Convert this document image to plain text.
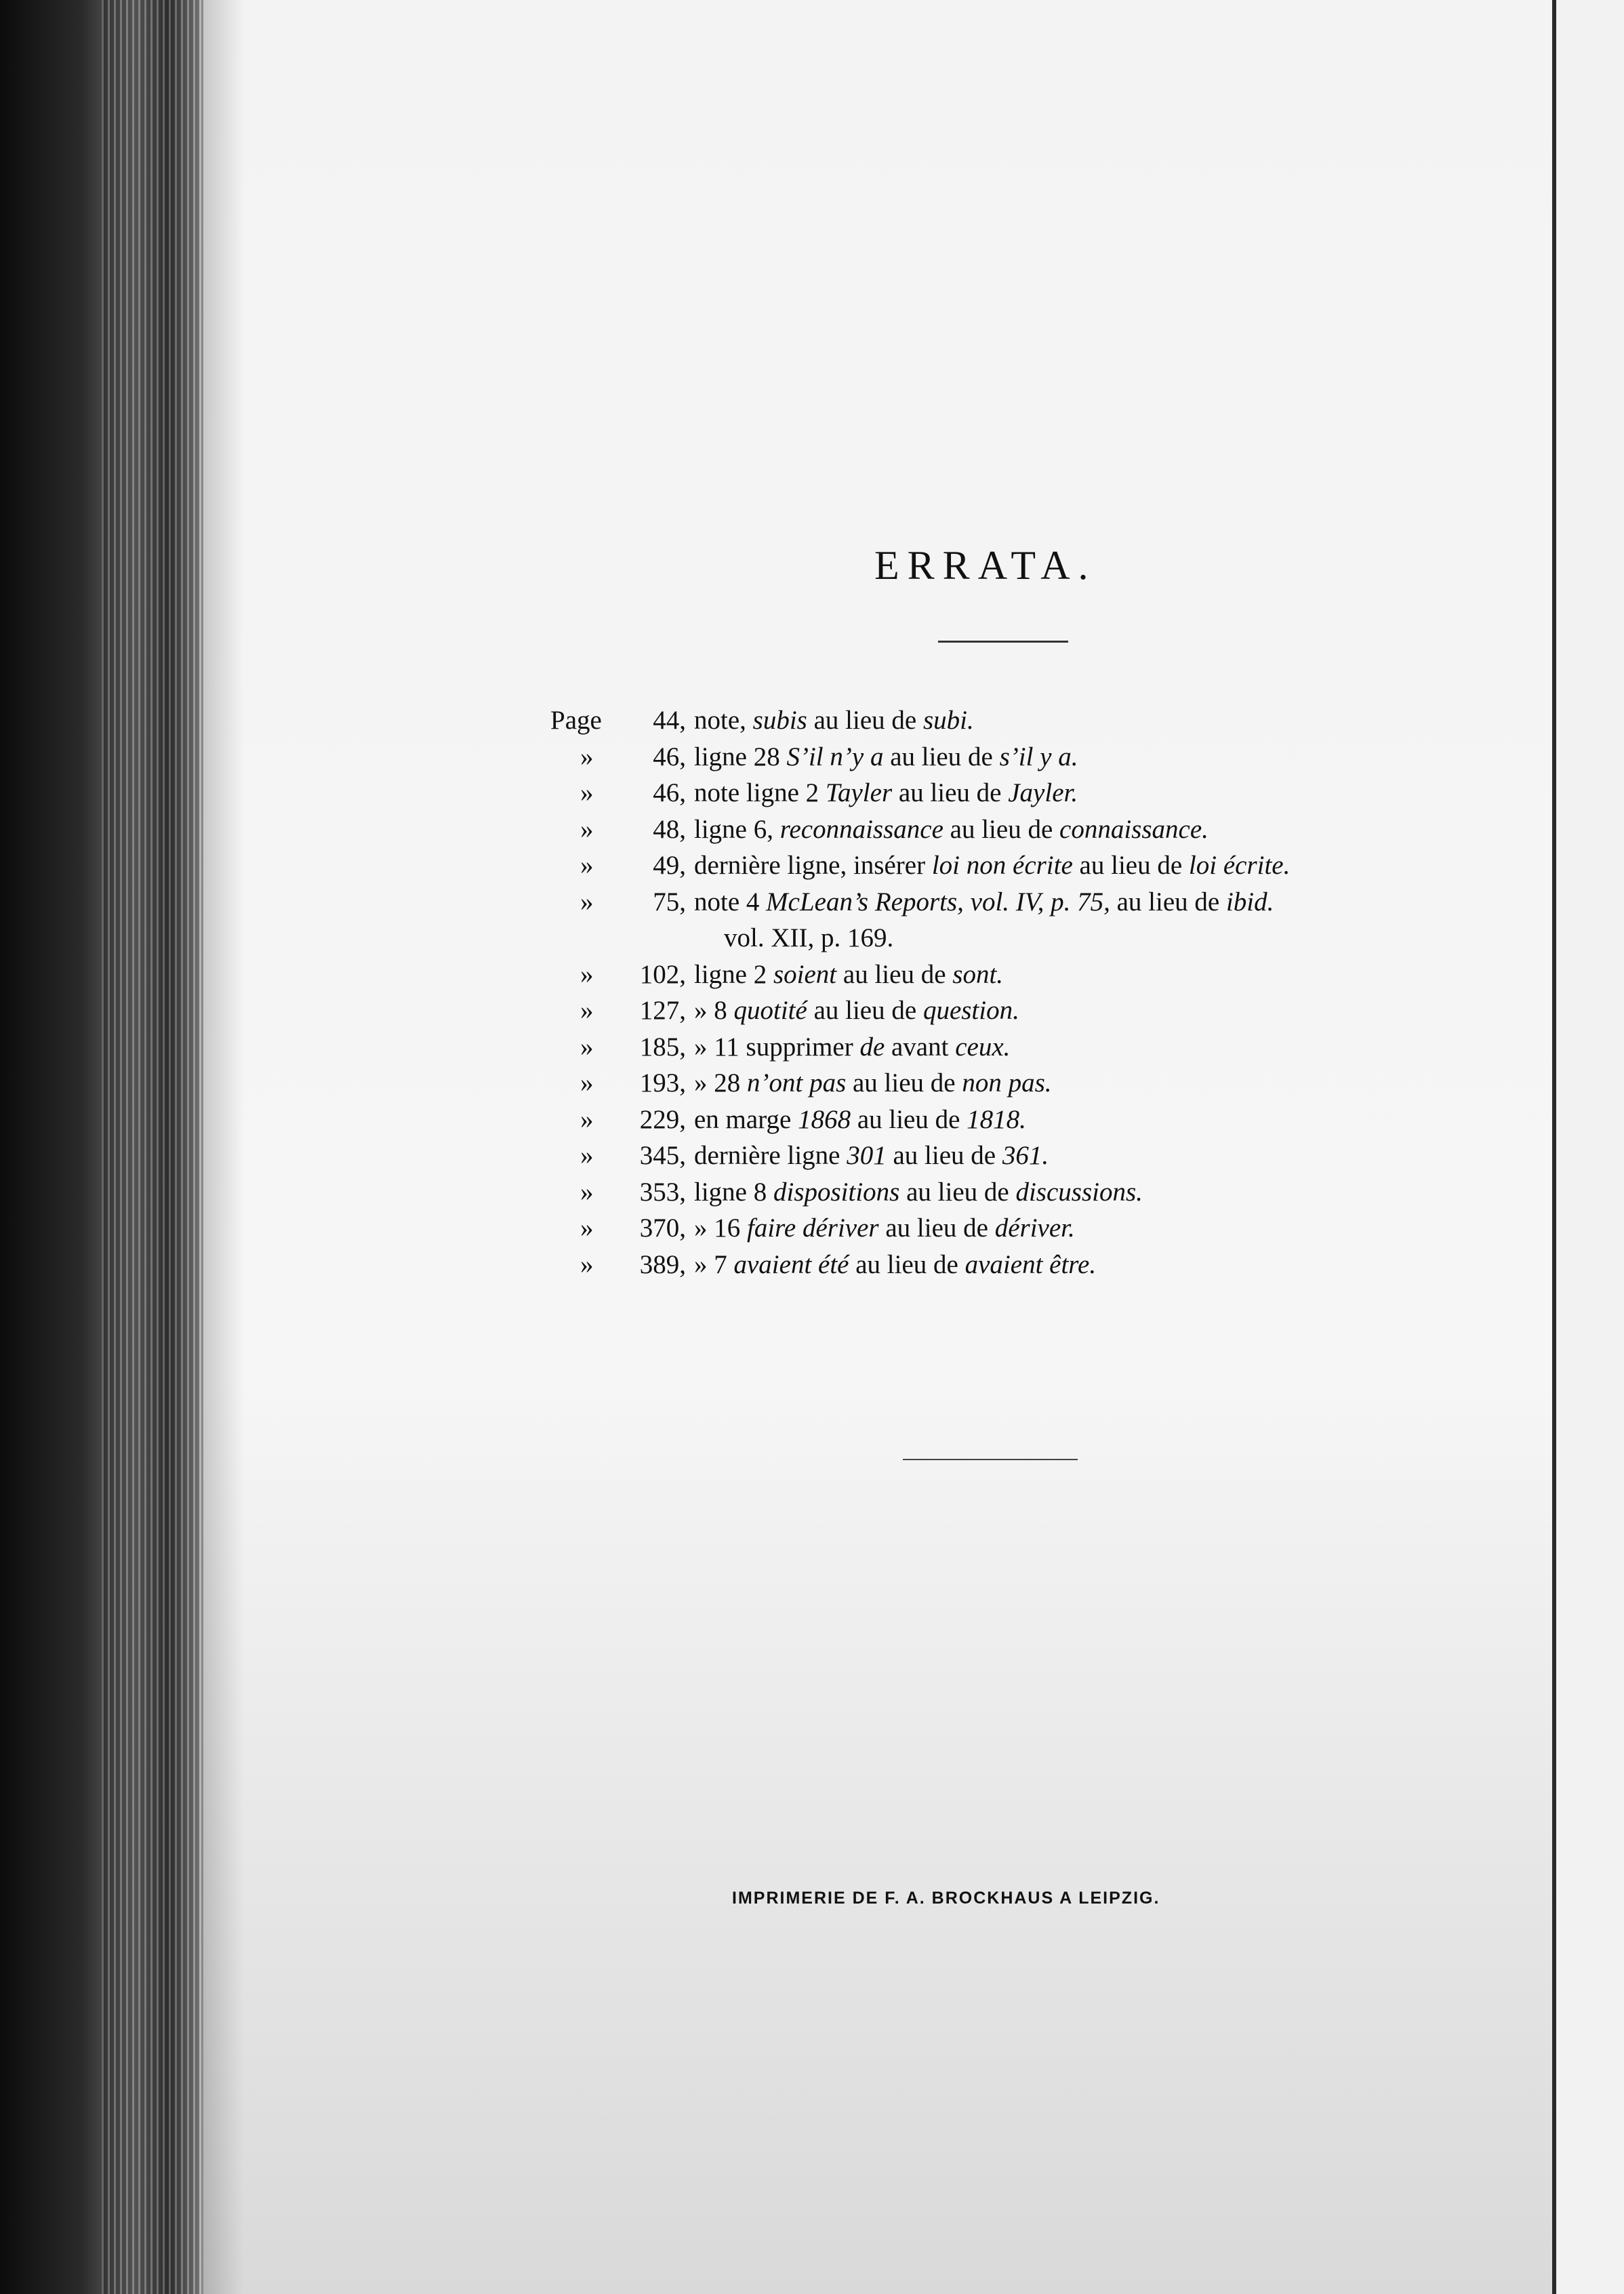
ERRATA.
Page	44, note, subis au lieu de subi.
»	46, ligne 28 S’il n’y a au lieu de s’il y a.
»	46, note ligne 2 Tayler au lieu de Jayler.
»	48, ligne 6, reconnaissance au lieu de connaissance.
»	49, dernière ligne, insérer loi non écrite au lieu de loi écrite.
»	75, note 4 McLean’s Reports, vol. IV, p. 75, au lieu de ibid.
vol. XII, p. 169.
»	102, ligne 2 soient au lieu de sont.
»	127, » 8 quotité au lieu de question.
»	185, » 11 supprimer de avant ceux.
»	193, » 28 n’ont pas au lieu de non pas.
»	229, en marge 1868 au lieu de 1818.
»	345, dernière ligne 301 au lieu de 361.
»	353, ligne 8 dispositions au lieu de discussions.
»	370, » 16 faire dériver au lieu de dériver.
»	389, » 7 avaient été au lieu de avaient être.
IMPRIMERIE DE F. A. BROCKHAUS A LEIPZIG.
